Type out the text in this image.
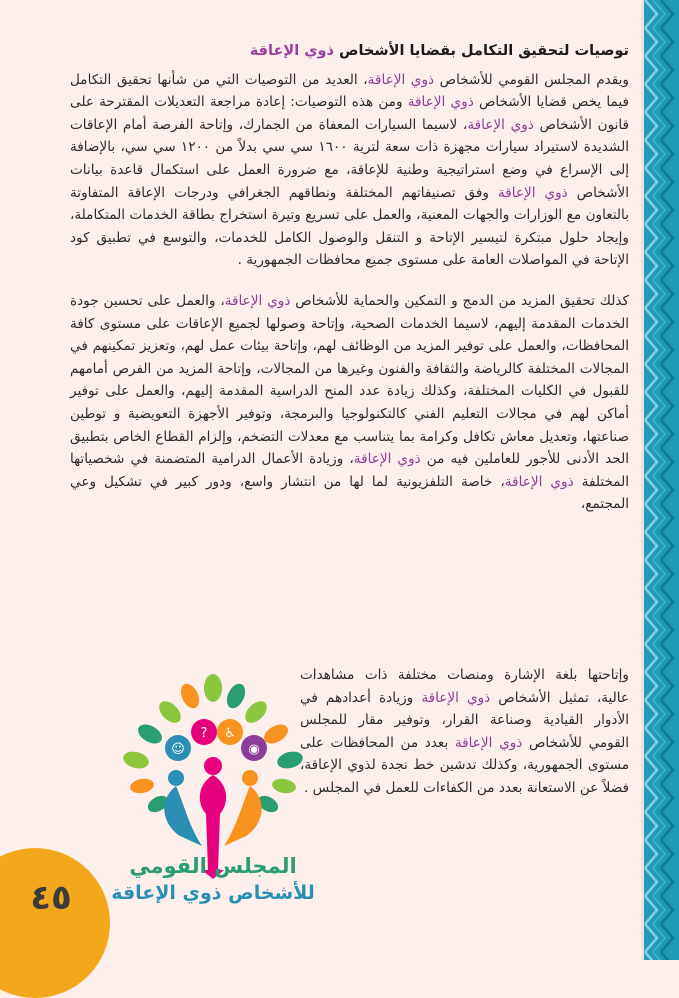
توصيات لتحقيق التكامل بقضايا الأشخاص ذوي الإعاقة

ويقدم المجلس القومي للأشخاص ذوي الإعاقة، العديد من التوصيات التي من شأنها تحقيق التكامل فيما يخص قضايا الأشخاص ذوي الإعاقة ومن هذه التوصيات: إعادة مراجعة التعديلات المقترحة على قانون الأشخاص ذوي الإعاقة، لاسيما السيارات المعفاة من الجمارك، وإتاحة الفرصة أمام الإعاقات الشديدة لاستيراد سيارات مجهزة ذات سعة لترية ١٦٠٠ سي سي بدلاً من ١٢٠٠ سي سي، بالإضافة إلى الإسراع في وضع استراتيجية وطنية للإعاقة، مع ضرورة العمل على استكمال قاعدة بيانات الأشخاص ذوي الإعاقة وفق تصنيفاتهم المختلفة ونطاقهم الجغرافي ودرجات الإعاقة المتفاوتة بالتعاون مع الوزارات والجهات المعنية، والعمل على تسريع وتيرة استخراج بطاقة الخدمات المتكاملة، وإيجاد حلول مبتكرة لتيسير الإتاحة و التنقل والوصول الكامل للخدمات، والتوسع في تطبيق كود الإتاحة في المواصلات العامة على مستوى جميع محافظات الجمهورية .

كذلك تحقيق المزيد من الدمج و التمكين والحماية للأشخاص ذوي الإعاقة، والعمل على تحسين جودة الخدمات المقدمة إليهم، لاسيما الخدمات الصحية، وإتاحة وصولها لجميع الإعاقات على مستوى كافة المحافظات، والعمل على توفير المزيد من الوظائف لهم، وإتاحة بيئات عمل لهم، وتعزيز تمكينهم في المجالات المختلفة كالرياضة والثقافة والفنون وغيرها من المجالات، وإتاحة المزيد من الفرص أمامهم للقبول في الكليات المختلفة، وكذلك زيادة عدد المنح الدراسية المقدمة إليهم، والعمل على توفير أماكن لهم في مجالات التعليم الفني كالتكنولوجيا والبرمجة، وتوفير الأجهزة التعويضية و توطين صناعتها، وتعديل معاش تكافل وكرامة بما يتناسب مع معدلات التضخم، وإلزام القطاع الخاص بتطبيق الحد الأدنى للأجور للعاملين فيه من ذوي الإعاقة، وزيادة الأعمال الدرامية المتضمنة في شخصياتها المختلفة ذوي الإعاقة، خاصة التلفزيونية لما لها من انتشار واسع، ودور كبير في تشكيل وعي المجتمع،

وإتاحتها بلغة الإشارة ومنصات مختلفة ذات مشاهدات عالية، تمثيل الأشخاص ذوي الإعاقة وزيادة أعدادهم في الأدوار القيادية وصناعة القرار، وتوفير مقار للمجلس القومي للأشخاص ذوي الإعاقة بعدد من المحافظات على مستوى الجمهورية، وكذلك تدشين خط نجدة لذوي الإعاقة، فضلاً عن الاستعانة بعدد من الكفاءات للعمل في المجلس .

☺
? ♿
◉
المجلس القومي
للأشخاص ذوي الإعاقة
٤٥
